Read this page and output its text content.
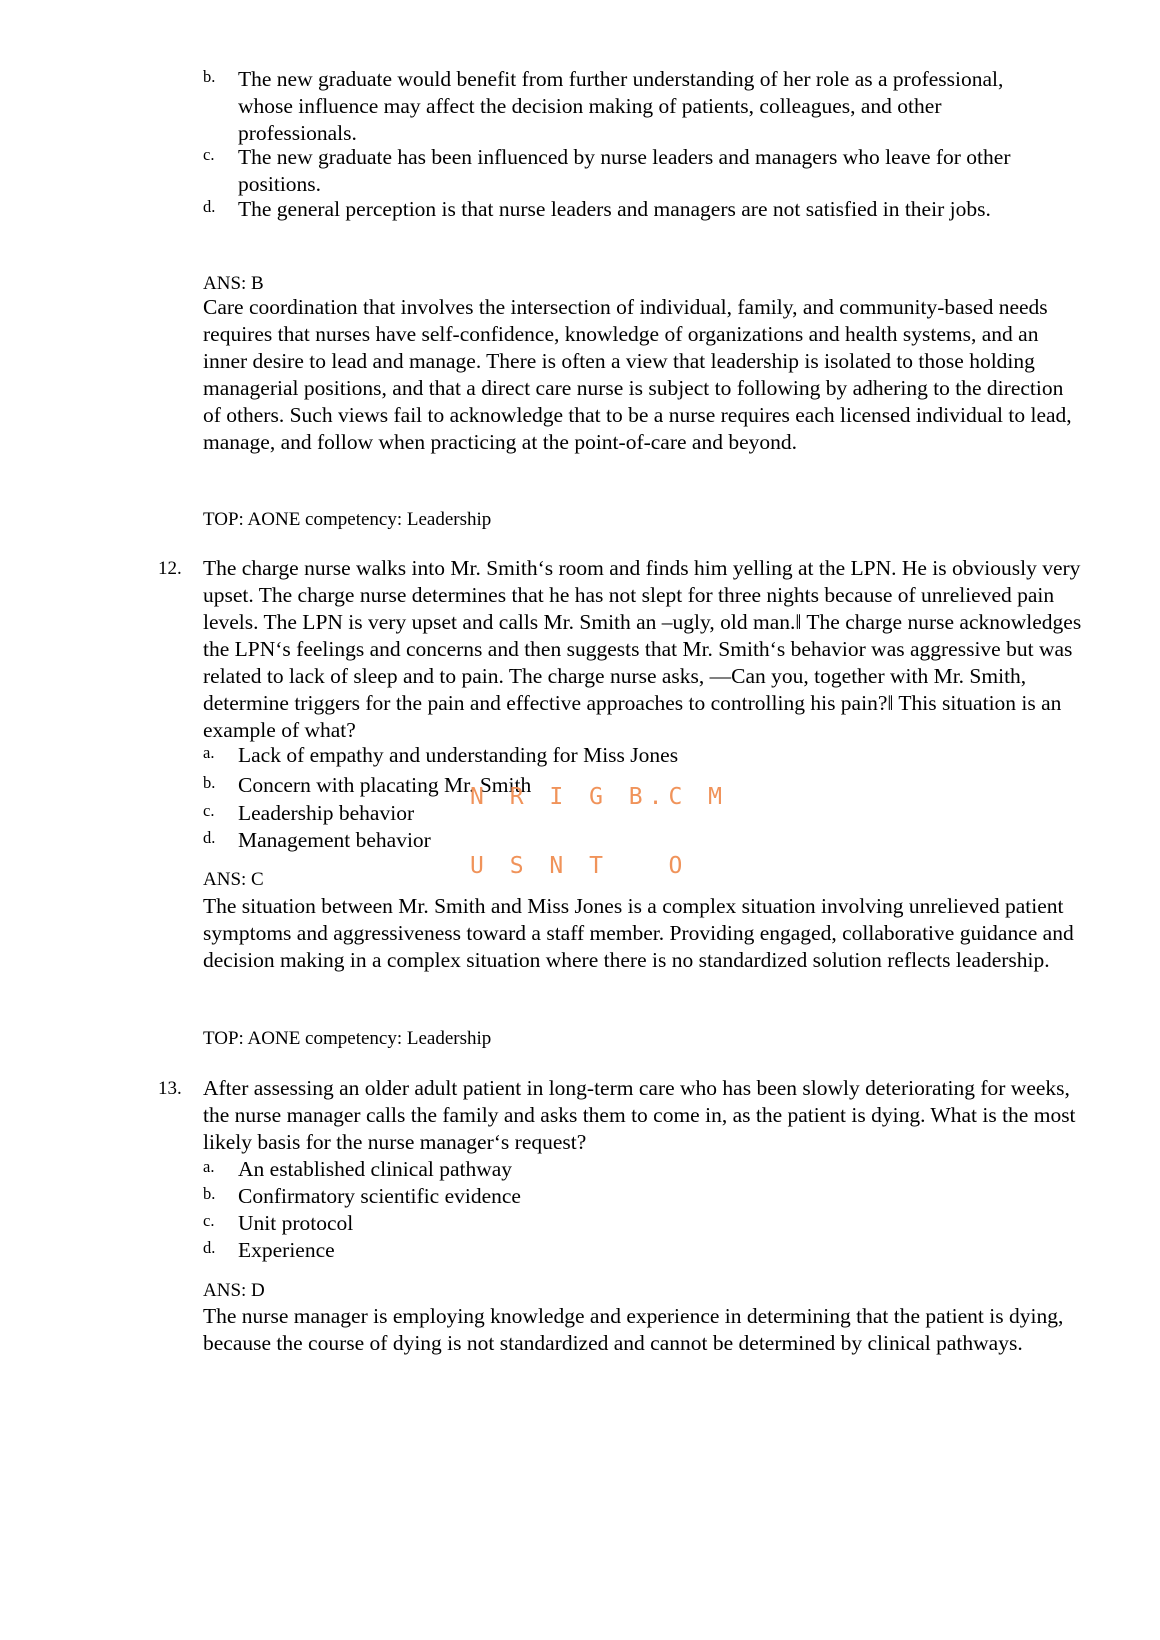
b. The new graduate would benefit from further understanding of her role as a professional, whose influence may affect the decision making of patients, colleagues, and other professionals.
c. The new graduate has been influenced by nurse leaders and managers who leave for other positions.
d. The general perception is that nurse leaders and managers are not satisfied in their jobs.
ANS: B
Care coordination that involves the intersection of individual, family, and community-based needs requires that nurses have self-confidence, knowledge of organizations and health systems, and an inner desire to lead and manage. There is often a view that leadership is isolated to those holding managerial positions, and that a direct care nurse is subject to following by adhering to the direction of others. Such views fail to acknowledge that to be a nurse requires each licensed individual to lead, manage, and follow when practicing at the point-of-care and beyond.
TOP: AONE competency: Leadership
12. The charge nurse walks into Mr. Smith‘s room and finds him yelling at the LPN. He is obviously very upset. The charge nurse determines that he has not slept for three nights because of unrelieved pain levels. The LPN is very upset and calls Mr. Smith an –ugly, old man.‖ The charge nurse acknowledges the LPN‘s feelings and concerns and then suggests that Mr. Smith‘s behavior was aggressive but was related to lack of sleep and to pain. The charge nurse asks, ―Can you, together with Mr. Smith, determine triggers for the pain and effective approaches to controlling his pain?‖ This situation is an example of what?
a. Lack of empathy and understanding for Miss Jones
b. Concern with placating Mr. Smith
c. Leadership behavior
d. Management behavior
ANS: C
The situation between Mr. Smith and Miss Jones is a complex situation involving unrelieved patient symptoms and aggressiveness toward a staff member. Providing engaged, collaborative guidance and decision making in a complex situation where there is no standardized solution reflects leadership.
TOP: AONE competency: Leadership
13. After assessing an older adult patient in long-term care who has been slowly deteriorating for weeks, the nurse manager calls the family and asks them to come in, as the patient is dying. What is the most likely basis for the nurse manager‘s request?
a. An established clinical pathway
b. Confirmatory scientific evidence
c. Unit protocol
d. Experience
ANS: D
The nurse manager is employing knowledge and experience in determining that the patient is dying, because the course of dying is not standardized and cannot be determined by clinical pathways.

N R I G B.C M

U S N T   O
